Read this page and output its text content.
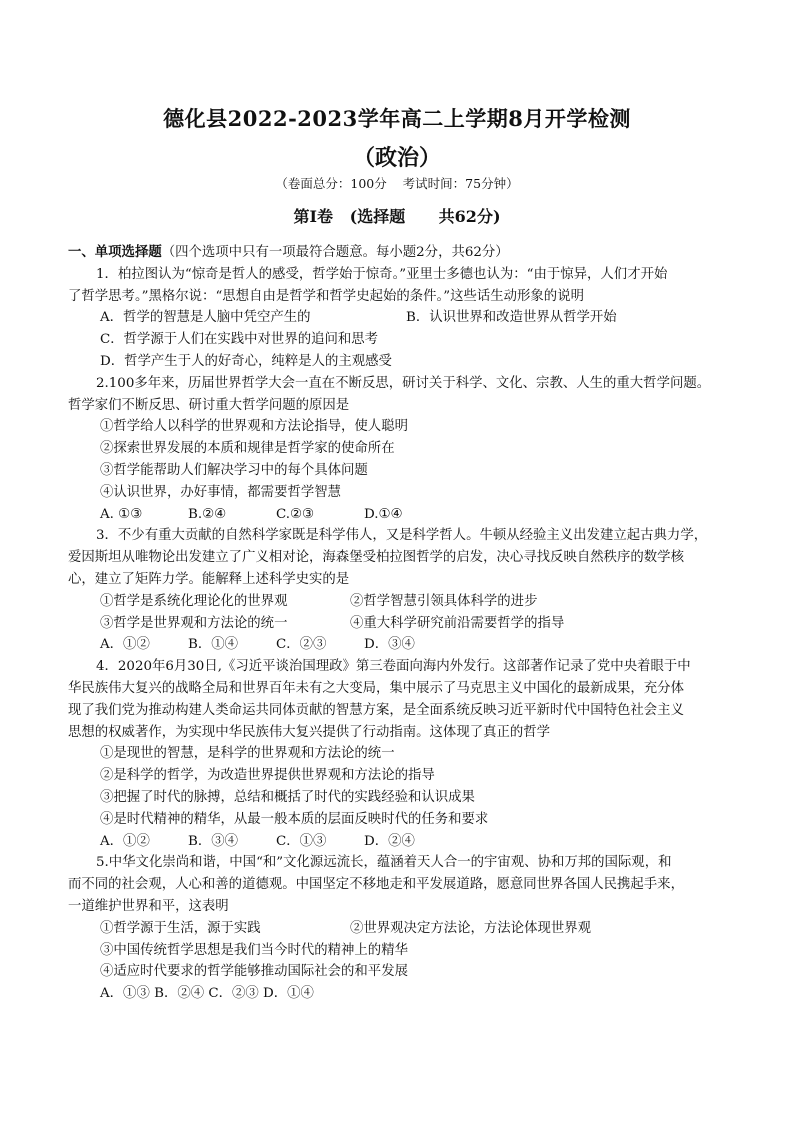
德化县2022-2023学年高二上学期8月开学检测
（政治）
（卷面总分：100分    考试时间：75分钟）
第Ⅰ卷   (选择题      共62分)
一、单项选择题（四个选项中只有一项最符合题意。每小题2分，共62分）
1．柏拉图认为“惊奇是哲人的感受，哲学始于惊奇。”亚里士多德也认为：“由于惊异，人们才开始
了哲学思考。”黑格尔说：“思想自由是哲学和哲学史起始的条件。”这些话生动形象的说明
A．哲学的智慧是人脑中凭空产生的	B．认识世界和改造世界从哲学开始
C．哲学源于人们在实践中对世界的追问和思考
D．哲学产生于人的好奇心，纯粹是人的主观感受
2.100多年来，历届世界哲学大会一直在不断反思，研讨关于科学、文化、宗教、人生的重大哲学问题。
哲学家们不断反思、研讨重大哲学问题的原因是
①哲学给人以科学的世界观和方法论指导，使人聪明
②探索世界发展的本质和规律是哲学家的使命所在
③哲学能帮助人们解决学习中的每个具体问题
④认识世界，办好事情，都需要哲学智慧
A. ①③	B.②④	C.②③	D.①④
3．不少有重大贡献的自然科学家既是科学伟人，又是科学哲人。牛顿从经验主义出发建立起古典力学，
爱因斯坦从唯物论出发建立了广义相对论，海森堡受柏拉图哲学的启发，决心寻找反映自然秩序的数学核
心，建立了矩阵力学。能解释上述科学史实的是
①哲学是系统化理论化的世界观	②哲学智慧引领具体科学的进步
③哲学是世界观和方法论的统一	④重大科学研究前沿需要哲学的指导
A．①②	B．①④	C．②③	D．③④
4．2020年6月30日,《习近平谈治国理政》第三卷面向海内外发行。这部著作记录了党中央着眼于中
华民族伟大复兴的战略全局和世界百年未有之大变局，集中展示了马克思主义中国化的最新成果，充分体
现了我们党为推动构建人类命运共同体贡献的智慧方案，是全面系统反映习近平新时代中国特色社会主义
思想的权威著作，为实现中华民族伟大复兴提供了行动指南。这体现了真正的哲学
①是现世的智慧，是科学的世界观和方法论的统一
②是科学的哲学，为改造世界提供世界观和方法论的指导
③把握了时代的脉搏，总结和概括了时代的实践经验和认识成果
④是时代精神的精华，从最一般本质的层面反映时代的任务和要求
A．①②	B．③④	C．①③	D．②④
5.中华文化崇尚和谐，中国“和”文化源远流长，蕴涵着天人合一的宇宙观、协和万邦的国际观，和
而不同的社会观，人心和善的道德观。中国坚定不移地走和平发展道路，愿意同世界各国人民携起手来，
一道维护世界和平，这表明
①哲学源于生活，源于实践	②世界观决定方法论，方法论体现世界观
③中国传统哲学思想是我们当今时代的精神上的精华
④适应时代要求的哲学能够推动国际社会的和平发展
A．①③ B．②④ C．②③ D．①④
